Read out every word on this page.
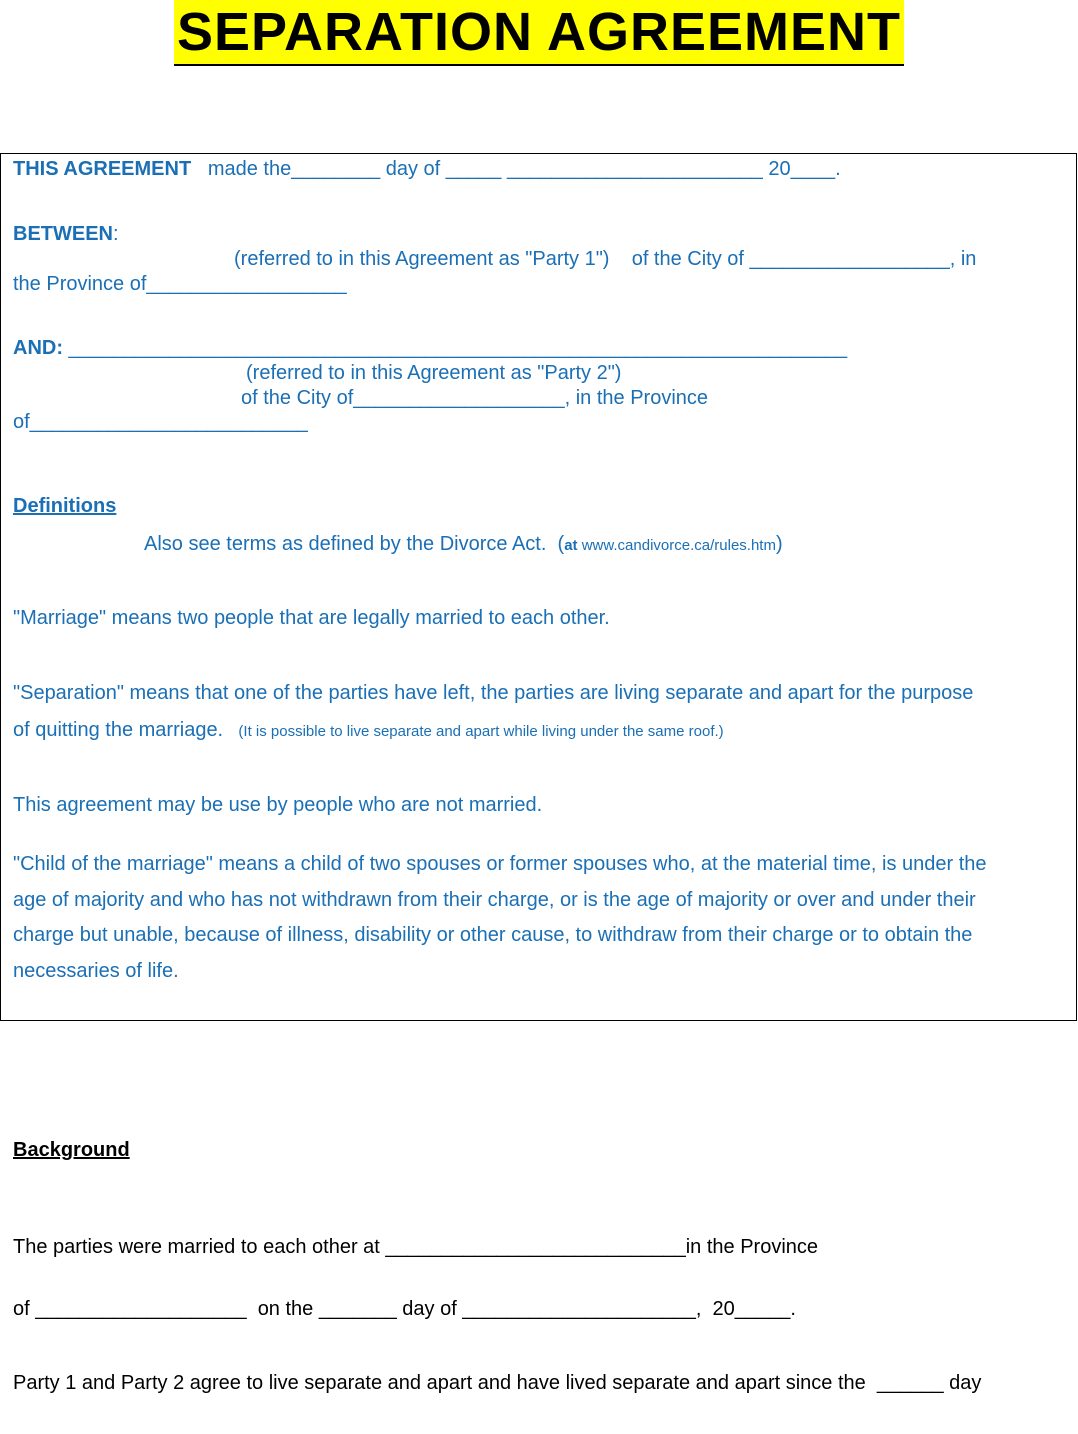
SEPARATION AGREEMENT
THIS AGREEMENT   made the________ day of _____ _______________________ 20____.
BETWEEN:
(referred to in this Agreement as "Party 1")    of the City of __________________, in
the Province of__________________
AND: ______________________________________________________________________
(referred to in this Agreement as "Party 2")
of the City of___________________, in the Province
of_________________________
Definitions
Also see terms as defined by the Divorce Act.  (at www.candivorce.ca/rules.htm)
"Marriage" means two people that are legally married to each other.
"Separation" means that one of the parties have left, the parties are living separate and apart for the purpose
of quitting the marriage.   (It is possible to live separate and apart while living under the same roof.)
This agreement may be use by people who are not married.
"Child of the marriage" means a child of two spouses or former spouses who, at the material time, is under the
age of majority and who has not withdrawn from their charge, or is the age of majority or over and under their
charge but unable, because of illness, disability or other cause, to withdraw from their charge or to obtain the
necessaries of life.
Background
The parties were married to each other at ___________________________in the Province
of ___________________  on the _______ day of _____________________,  20_____.
Party 1 and Party 2 agree to live separate and apart and have lived separate and apart since the  ______ day
